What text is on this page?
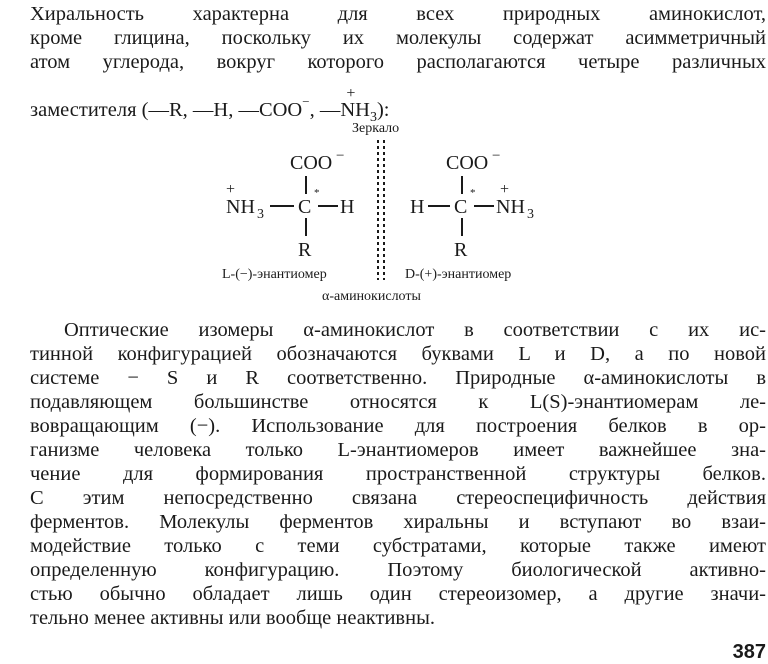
Хиральность характерна для всех природных аминокислот,
кроме глицина, поскольку их молекулы содержат асимметричный
атом углерода, вокруг которого располагаются четыре различных
заместителя (—R, —H, —COO−, —
+
$NH_3$):
Зеркало
COO −
+
NH 3 C
*
H
R
L-(−)-энантиомер
COO −
H C
* +
NH 3
R
D-(+)-энантиомер
α-аминокислоты
Оптические изомеры α-аминокислот в соответствии с их ис-
тинной конфигурацией обозначаются буквами L и D, а по новой
системе − S и R соответственно. Природные α-аминокислоты в
подавляющем большинстве относятся к L(S)-энантиомерам ле-
вовращающим (−). Использование для построения белков в ор-
ганизме человека только L-энантиомеров имеет важнейшее зна-
чение для формирования пространственной структуры белков.
С этим непосредственно связана стереоспецифичность действия
ферментов. Молекулы ферментов хиральны и вступают во взаи-
модействие только с теми субстратами, которые также имеют
определенную конфигурацию. Поэтому биологической активно-
стью обычно обладает лишь один стереоизомер, а другие значи-
тельно менее активны или вообще неактивны.
387
